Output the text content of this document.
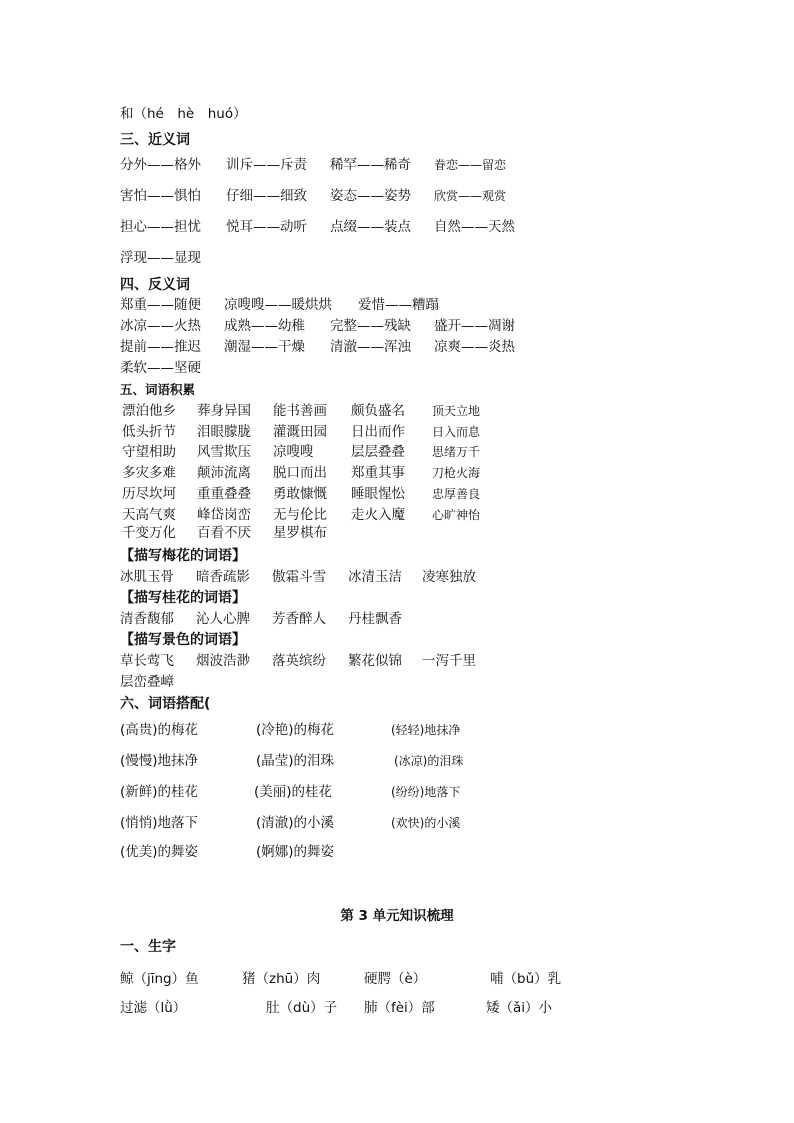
和（hé　hè　huó）
三、近义词
分外——格外 训斥——斥责 稀罕——稀奇 眷恋——留恋
害怕——惧怕 仔细——细致 姿态——姿势 欣赏——观赏
担心——担忧 悦耳——动听 点缀——装点 自然——天然
浮现——显现
四、反义词
郑重——随便 凉嗖嗖——暖烘烘 爱惜——糟蹋
冰凉——火热 成熟——幼稚 完整——残缺 盛开——凋谢
提前——推迟 潮湿——干燥 清澈——浑浊 凉爽——炎热
柔软——坚硬
五、词语积累
漂泊他乡 葬身异国 能书善画 颇负盛名 顶天立地
低头折节 泪眼朦胧 灌溉田园 日出而作 日入而息
守望相助 风雪欺压 凉嗖嗖	层层叠叠 思绪万千
多灾多难 颠沛流离 脱口而出 郑重其事 刀枪火海
历尽坎坷 重重叠叠 勇敢慷慨 睡眼惺忪 忠厚善良
天高气爽 峰岱岗峦 无与伦比 走火入魔 心旷神怡
千变万化 百看不厌 星罗棋布
【描写梅花的词语】
冰肌玉骨 暗香疏影 傲霜斗雪 冰清玉洁 凌寒独放
【描写桂花的词语】
清香馥郁 沁人心脾 芳香醉人 丹桂飘香
【描写景色的词语】
草长莺飞 烟波浩渺 落英缤纷 繁花似锦 一泻千里
层峦叠嶂
六、词语搭配(
(高贵)的梅花	(冷艳)的梅花	(轻轻)地抹净
(慢慢)地抹净	(晶莹)的泪珠	(冰凉)的泪珠
(新鲜)的桂花	(美丽)的桂花	(纷纷)地落下
(悄悄)地落下	(清澈)的小溪	(欢快)的小溪
(优美)的舞姿	(婀娜)的舞姿
第 3 单元知识梳理
一、生字
鲸（jīng）鱼	猪（zhū）肉	硬腭（è）	哺（bǔ）乳
过滤（lǜ）	肚（dù）子 肺（fèi）部	矮（ǎi）小
